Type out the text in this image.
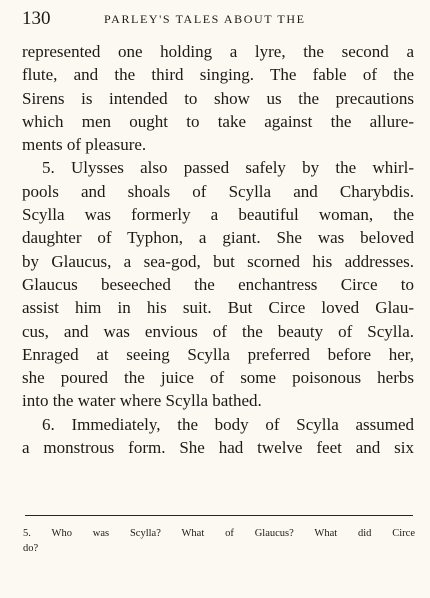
130	PARLEY'S TALES ABOUT THE
represented one holding a lyre, the second a
flute, and the third singing. The fable of the
Sirens is intended to show us the precautions
which men ought to take against the allure-
ments of pleasure.
5. Ulysses also passed safely by the whirl-
pools and shoals of Scylla and Charybdis.
Scylla was formerly a beautiful woman, the
daughter of Typhon, a giant. She was beloved
by Glaucus, a sea-god, but scorned his addresses.
Glaucus beseeched the enchantress Circe to
assist him in his suit. But Circe loved Glau-
cus, and was envious of the beauty of Scylla.
Enraged at seeing Scylla preferred before her,
she poured the juice of some poisonous herbs
into the water where Scylla bathed.
6. Immediately, the body of Scylla assumed
a monstrous form. She had twelve feet and six
5. Who was Scylla? What of Glaucus? What did Circe
do?
